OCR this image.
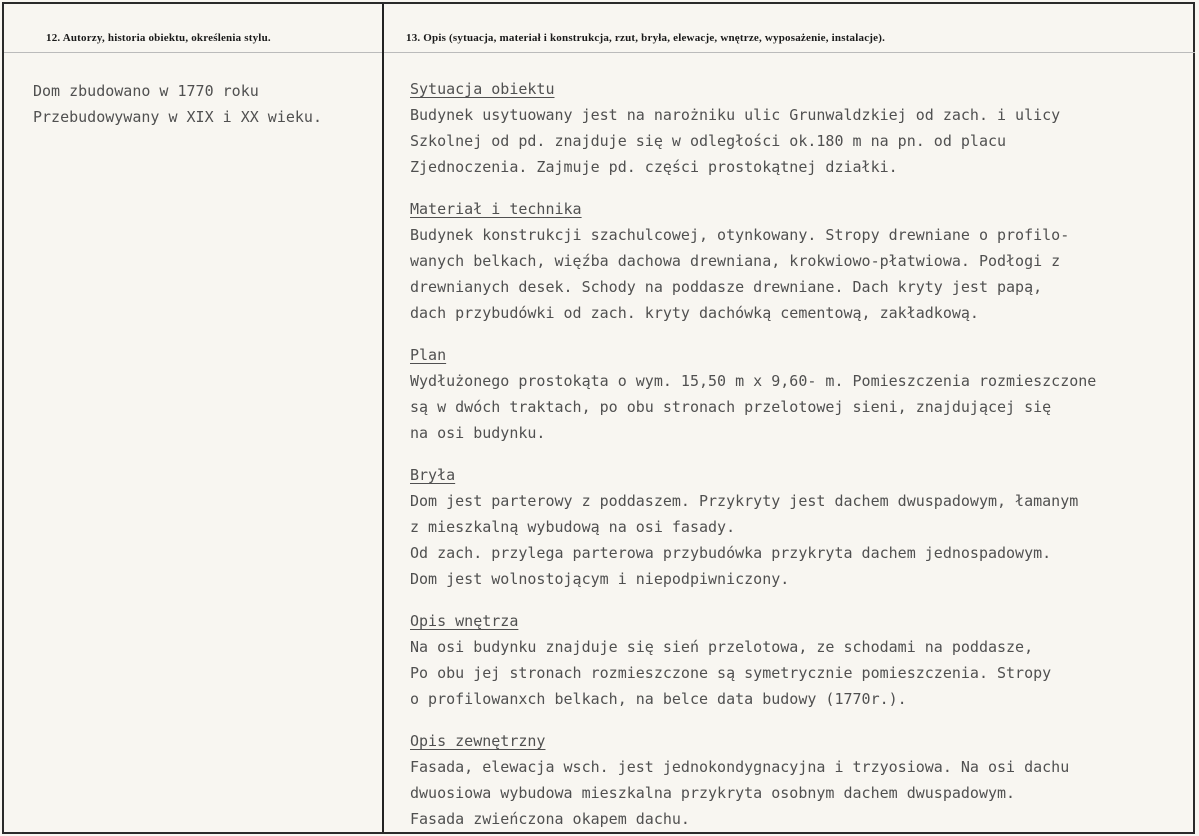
12. Autorzy, historia obiektu, określenia stylu.
Dom zbudowano w 1770 roku
Przebudowywany w XIX i XX wieku.
13. Opis (sytuacja, materiał i konstrukcja, rzut, bryła, elewacje, wnętrze, wyposażenie, instalacje).
Sytuacja obiektu
Budynek usytuowany jest na narożniku ulic Grunwaldzkiej od zach. i ulicy
Szkolnej od pd. znajduje się w odległości ok.180 m na pn. od placu
Zjednoczenia. Zajmuje pd. części prostokątnej działki.
Materiał i technika
Budynek konstrukcji szachulcowej, otynkowany. Stropy drewniane o profilo-
wanych belkach, więźba dachowa drewniana, krokwiowo-płatwiowa. Podłogi z
drewnianych desek. Schody na poddasze drewniane. Dach kryty jest papą,
dach przybudówki od zach. kryty dachówką cementową, zakładkową.
Plan
Wydłużonego prostokąta o wym. 15,50 m x 9,60- m. Pomieszczenia rozmieszczone
są w dwóch traktach, po obu stronach przelotowej sieni, znajdującej się
na osi budynku.
Bryła
Dom jest parterowy z poddaszem. Przykryty jest dachem dwuspadowym, łamanym
z mieszkalną wybudową na osi fasady.
Od zach. przylega parterowa przybudówka przykryta dachem jednospadowym.
Dom jest wolnostojącym i niepodpiwniczony.
Opis wnętrza
Na osi budynku znajduje się sień przelotowa, ze schodami na poddasze,
Po obu jej stronach rozmieszczone są symetrycznie pomieszczenia. Stropy
o profilowanxch belkach, na belce data budowy (1770r.).
Opis zewnętrzny
Fasada, elewacja wsch. jest jednokondygnacyjna i trzyosiowa. Na osi dachu
dwuosiowa wybudowa mieszkalna przykryta osobnym dachem dwuspadowym.
Fasada zwieńczona okapem dachu.
